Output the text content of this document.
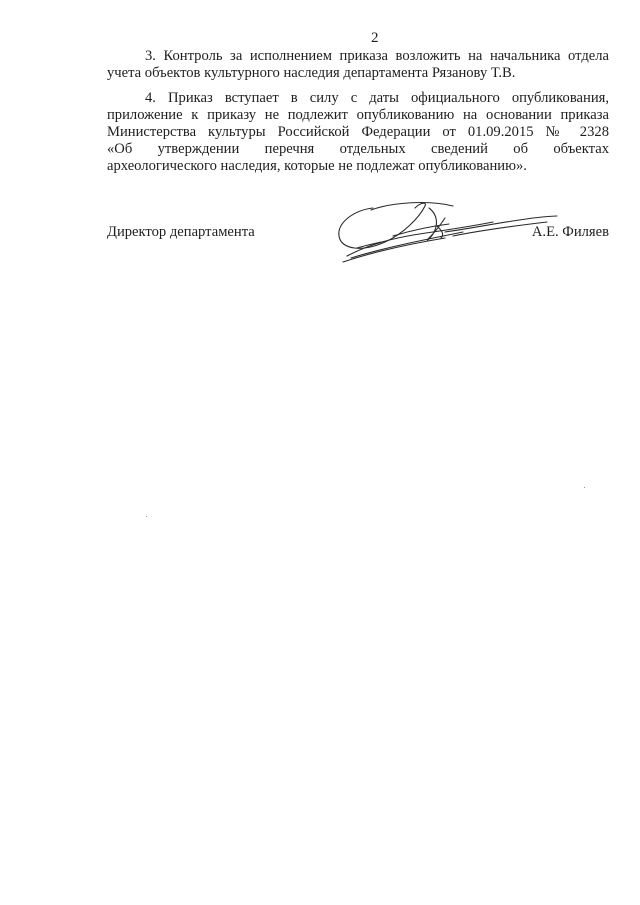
2

3. Контроль за исполнением приказа возложить на начальника отдела
учета объектов культурного наследия департамента Рязанову Т.В.

4. Приказ вступает в силу с даты официального опубликования,
приложение к приказу не подлежит опубликованию на основании приказа
Министерства культуры Российской Федерации от 01.09.2015 № 2328
«Об утверждении перечня отдельных сведений об объектах
археологического наследия, которые не подлежат опубликованию».

Директор департамента	А.Е. Филяев
